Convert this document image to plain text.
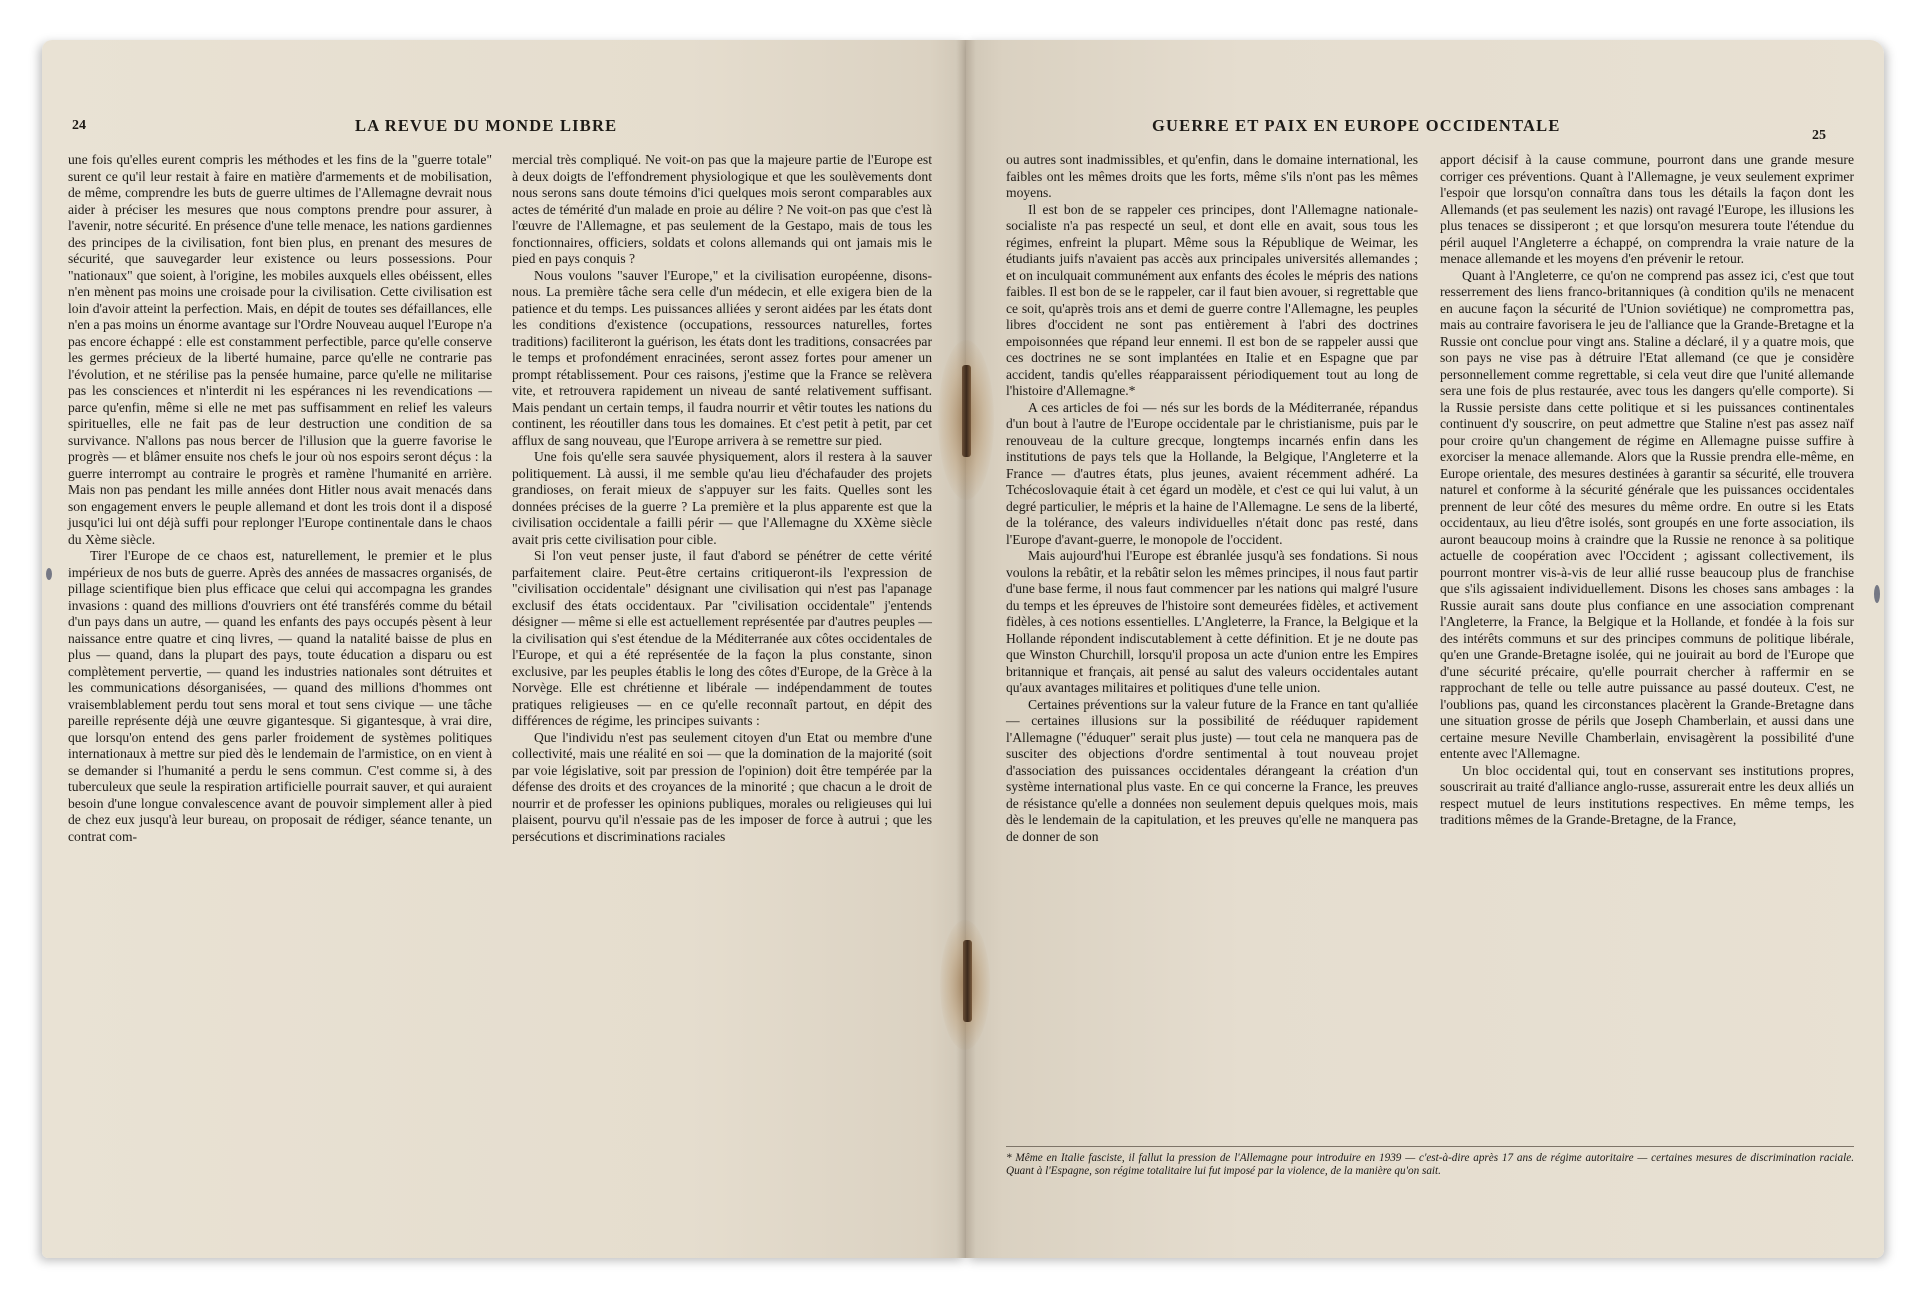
24	LA REVUE DU MONDE LIBRE

une fois qu'elles eurent compris les méthodes et les fins de la "guerre totale" surent ce qu'il leur restait à faire en matière d'armements et de mobilisation, de même, comprendre les buts de guerre ultimes de l'Allemagne devrait nous aider à préciser les mesures que nous comptons prendre pour assurer, à l'avenir, notre sécurité. En présence d'une telle menace, les nations gardiennes des principes de la civilisation, font bien plus, en prenant des mesures de sécurité, que sauvegarder leur existence ou leurs possessions. Pour "nationaux" que soient, à l'origine, les mobiles auxquels elles obéissent, elles n'en mènent pas moins une croisade pour la civilisation. Cette civilisation est loin d'avoir atteint la perfection. Mais, en dépit de toutes ses défaillances, elle n'en a pas moins un énorme avantage sur l'Ordre Nouveau auquel l'Europe n'a pas encore échappé : elle est constamment perfectible, parce qu'elle conserve les germes précieux de la liberté humaine, parce qu'elle ne contrarie pas l'évolution, et ne stérilise pas la pensée humaine, parce qu'elle ne militarise pas les consciences et n'interdit ni les espérances ni les revendications — parce qu'enfin, même si elle ne met pas suffisamment en relief les valeurs spirituelles, elle ne fait pas de leur destruction une condition de sa survivance. N'allons pas nous bercer de l'illusion que la guerre favorise le progrès — et blâmer ensuite nos chefs le jour où nos espoirs seront déçus : la guerre interrompt au contraire le progrès et ramène l'humanité en arrière. Mais non pas pendant les mille années dont Hitler nous avait menacés dans son engagement envers le peuple allemand et dont les trois dont il a disposé jusqu'ici lui ont déjà suffi pour replonger l'Europe continentale dans le chaos du Xème siècle.

Tirer l'Europe de ce chaos est, naturellement, le premier et le plus impérieux de nos buts de guerre. Après des années de massacres organisés, de pillage scientifique bien plus efficace que celui qui accompagna les grandes invasions : quand des millions d'ouvriers ont été transférés comme du bétail d'un pays dans un autre, — quand les enfants des pays occupés pèsent à leur naissance entre quatre et cinq livres, — quand la natalité baisse de plus en plus — quand, dans la plupart des pays, toute éducation a disparu ou est complètement pervertie, — quand les industries nationales sont détruites et les communications désorganisées, — quand des millions d'hommes ont vraisemblablement perdu tout sens moral et tout sens civique — une tâche pareille représente déjà une œuvre gigantesque. Si gigantesque, à vrai dire, que lorsqu'on entend des gens parler froidement de systèmes politiques internationaux à mettre sur pied dès le lendemain de l'armistice, on en vient à se demander si l'humanité a perdu le sens commun. C'est comme si, à des tuberculeux que seule la respiration artificielle pourrait sauver, et qui auraient besoin d'une longue convalescence avant de pouvoir simplement aller à pied de chez eux jusqu'à leur bureau, on proposait de rédiger, séance tenante, un contrat com-

mercial très compliqué. Ne voit-on pas que la majeure partie de l'Europe est à deux doigts de l'effondrement physiologique et que les soulèvements dont nous serons sans doute témoins d'ici quelques mois seront comparables aux actes de témérité d'un malade en proie au délire ? Ne voit-on pas que c'est là l'œuvre de l'Allemagne, et pas seulement de la Gestapo, mais de tous les fonctionnaires, officiers, soldats et colons allemands qui ont jamais mis le pied en pays conquis ?

Nous voulons "sauver l'Europe," et la civilisation européenne, disons-nous. La première tâche sera celle d'un médecin, et elle exigera bien de la patience et du temps. Les puissances alliées y seront aidées par les états dont les conditions d'existence (occupations, ressources naturelles, fortes traditions) faciliteront la guérison, les états dont les traditions, consacrées par le temps et profondément enracinées, seront assez fortes pour amener un prompt rétablissement. Pour ces raisons, j'estime que la France se relèvera vite, et retrouvera rapidement un niveau de santé relativement suffisant. Mais pendant un certain temps, il faudra nourrir et vêtir toutes les nations du continent, les réoutiller dans tous les domaines. Et c'est petit à petit, par cet afflux de sang nouveau, que l'Europe arrivera à se remettre sur pied.

Une fois qu'elle sera sauvée physiquement, alors il restera à la sauver politiquement. Là aussi, il me semble qu'au lieu d'échafauder des projets grandioses, on ferait mieux de s'appuyer sur les faits. Quelles sont les données précises de la guerre ? La première et la plus apparente est que la civilisation occidentale a failli périr — que l'Allemagne du XXème siècle avait pris cette civilisation pour cible.

Si l'on veut penser juste, il faut d'abord se pénétrer de cette vérité parfaitement claire. Peut-être certains critiqueront-ils l'expression de "civilisation occidentale" désignant une civilisation qui n'est pas l'apanage exclusif des états occidentaux. Par "civilisation occidentale" j'entends désigner — même si elle est actuellement représentée par d'autres peuples — la civilisation qui s'est étendue de la Méditerranée aux côtes occidentales de l'Europe, et qui a été représentée de la façon la plus constante, sinon exclusive, par les peuples établis le long des côtes d'Europe, de la Grèce à la Norvège. Elle est chrétienne et libérale — indépendamment de toutes pratiques religieuses — en ce qu'elle reconnaît partout, en dépit des différences de régime, les principes suivants :

Que l'individu n'est pas seulement citoyen d'un Etat ou membre d'une collectivité, mais une réalité en soi — que la domination de la majorité (soit par voie législative, soit par pression de l'opinion) doit être tempérée par la défense des droits et des croyances de la minorité ; que chacun a le droit de nourrir et de professer les opinions publiques, morales ou religieuses qui lui plaisent, pourvu qu'il n'essaie pas de les imposer de force à autrui ; que les persécutions et discriminations raciales

GUERRE ET PAIX EN EUROPE OCCIDENTALE
25

ou autres sont inadmissibles, et qu'enfin, dans le domaine international, les faibles ont les mêmes droits que les forts, même s'ils n'ont pas les mêmes moyens.

Il est bon de se rappeler ces principes, dont l'Allemagne nationale-socialiste n'a pas respecté un seul, et dont elle en avait, sous tous les régimes, enfreint la plupart. Même sous la République de Weimar, les étudiants juifs n'avaient pas accès aux principales universités allemandes ; et on inculquait communément aux enfants des écoles le mépris des nations faibles. Il est bon de se le rappeler, car il faut bien avouer, si regrettable que ce soit, qu'après trois ans et demi de guerre contre l'Allemagne, les peuples libres d'occident ne sont pas entièrement à l'abri des doctrines empoisonnées que répand leur ennemi. Il est bon de se rappeler aussi que ces doctrines ne se sont implantées en Italie et en Espagne que par accident, tandis qu'elles réapparaissent périodiquement tout au long de l'histoire d'Allemagne.*

A ces articles de foi — nés sur les bords de la Méditerranée, répandus d'un bout à l'autre de l'Europe occidentale par le christianisme, puis par le renouveau de la culture grecque, longtemps incarnés enfin dans les institutions de pays tels que la Hollande, la Belgique, l'Angleterre et la France — d'autres états, plus jeunes, avaient récemment adhéré. La Tchécoslovaquie était à cet égard un modèle, et c'est ce qui lui valut, à un degré particulier, le mépris et la haine de l'Allemagne. Le sens de la liberté, de la tolérance, des valeurs individuelles n'était donc pas resté, dans l'Europe d'avant-guerre, le monopole de l'occident.

Mais aujourd'hui l'Europe est ébranlée jusqu'à ses fondations. Si nous voulons la rebâtir, et la rebâtir selon les mêmes principes, il nous faut partir d'une base ferme, il nous faut commencer par les nations qui malgré l'usure du temps et les épreuves de l'histoire sont demeurées fidèles, et activement fidèles, à ces notions essentielles. L'Angleterre, la France, la Belgique et la Hollande répondent indiscutablement à cette définition. Et je ne doute pas que Winston Churchill, lorsqu'il proposa un acte d'union entre les Empires britannique et français, ait pensé au salut des valeurs occidentales autant qu'aux avantages militaires et politiques d'une telle union.

Certaines préventions sur la valeur future de la France en tant qu'alliée — certaines illusions sur la possibilité de rééduquer rapidement l'Allemagne ("éduquer" serait plus juste) — tout cela ne manquera pas de susciter des objections d'ordre sentimental à tout nouveau projet d'association des puissances occidentales dérangeant la création d'un système international plus vaste. En ce qui concerne la France, les preuves de résistance qu'elle a données non seulement depuis quelques mois, mais dès le lendemain de la capitulation, et les preuves qu'elle ne manquera pas de donner de son

apport décisif à la cause commune, pourront dans une grande mesure corriger ces préventions. Quant à l'Allemagne, je veux seulement exprimer l'espoir que lorsqu'on connaîtra dans tous les détails la façon dont les Allemands (et pas seulement les nazis) ont ravagé l'Europe, les illusions les plus tenaces se dissiperont ; et que lorsqu'on mesurera toute l'étendue du péril auquel l'Angleterre a échappé, on comprendra la vraie nature de la menace allemande et les moyens d'en prévenir le retour.

Quant à l'Angleterre, ce qu'on ne comprend pas assez ici, c'est que tout resserrement des liens franco-britanniques (à condition qu'ils ne menacent en aucune façon la sécurité de l'Union soviétique) ne compromettra pas, mais au contraire favorisera le jeu de l'alliance que la Grande-Bretagne et la Russie ont conclue pour vingt ans. Staline a déclaré, il y a quatre mois, que son pays ne vise pas à détruire l'Etat allemand (ce que je considère personnellement comme regrettable, si cela veut dire que l'unité allemande sera une fois de plus restaurée, avec tous les dangers qu'elle comporte). Si la Russie persiste dans cette politique et si les puissances continentales continuent d'y souscrire, on peut admettre que Staline n'est pas assez naïf pour croire qu'un changement de régime en Allemagne puisse suffire à exorciser la menace allemande. Alors que la Russie prendra elle-même, en Europe orientale, des mesures destinées à garantir sa sécurité, elle trouvera naturel et conforme à la sécurité générale que les puissances occidentales prennent de leur côté des mesures du même ordre. En outre si les Etats occidentaux, au lieu d'être isolés, sont groupés en une forte association, ils auront beaucoup moins à craindre que la Russie ne renonce à sa politique actuelle de coopération avec l'Occident ; agissant collectivement, ils pourront montrer vis-à-vis de leur allié russe beaucoup plus de franchise que s'ils agissaient individuellement. Disons les choses sans ambages : la Russie aurait sans doute plus confiance en une association comprenant l'Angleterre, la France, la Belgique et la Hollande, et fondée à la fois sur des intérêts communs et sur des principes communs de politique libérale, qu'en une Grande-Bretagne isolée, qui ne jouirait au bord de l'Europe que d'une sécurité précaire, qu'elle pourrait chercher à raffermir en se rapprochant de telle ou telle autre puissance au passé douteux. C'est, ne l'oublions pas, quand les circonstances placèrent la Grande-Bretagne dans une situation grosse de périls que Joseph Chamberlain, et aussi dans une certaine mesure Neville Chamberlain, envisagèrent la possibilité d'une entente avec l'Allemagne.

Un bloc occidental qui, tout en conservant ses institutions propres, souscrirait au traité d'alliance anglo-russe, assurerait entre les deux alliés un respect mutuel de leurs institutions respectives. En même temps, les traditions mêmes de la Grande-Bretagne, de la France,

* Même en Italie fasciste, il fallut la pression de l'Allemagne pour introduire en 1939 — c'est-à-dire après 17 ans de régime autoritaire — certaines mesures de discrimination raciale. Quant à l'Espagne, son régime totalitaire lui fut imposé par la violence, de la manière qu'on sait.
